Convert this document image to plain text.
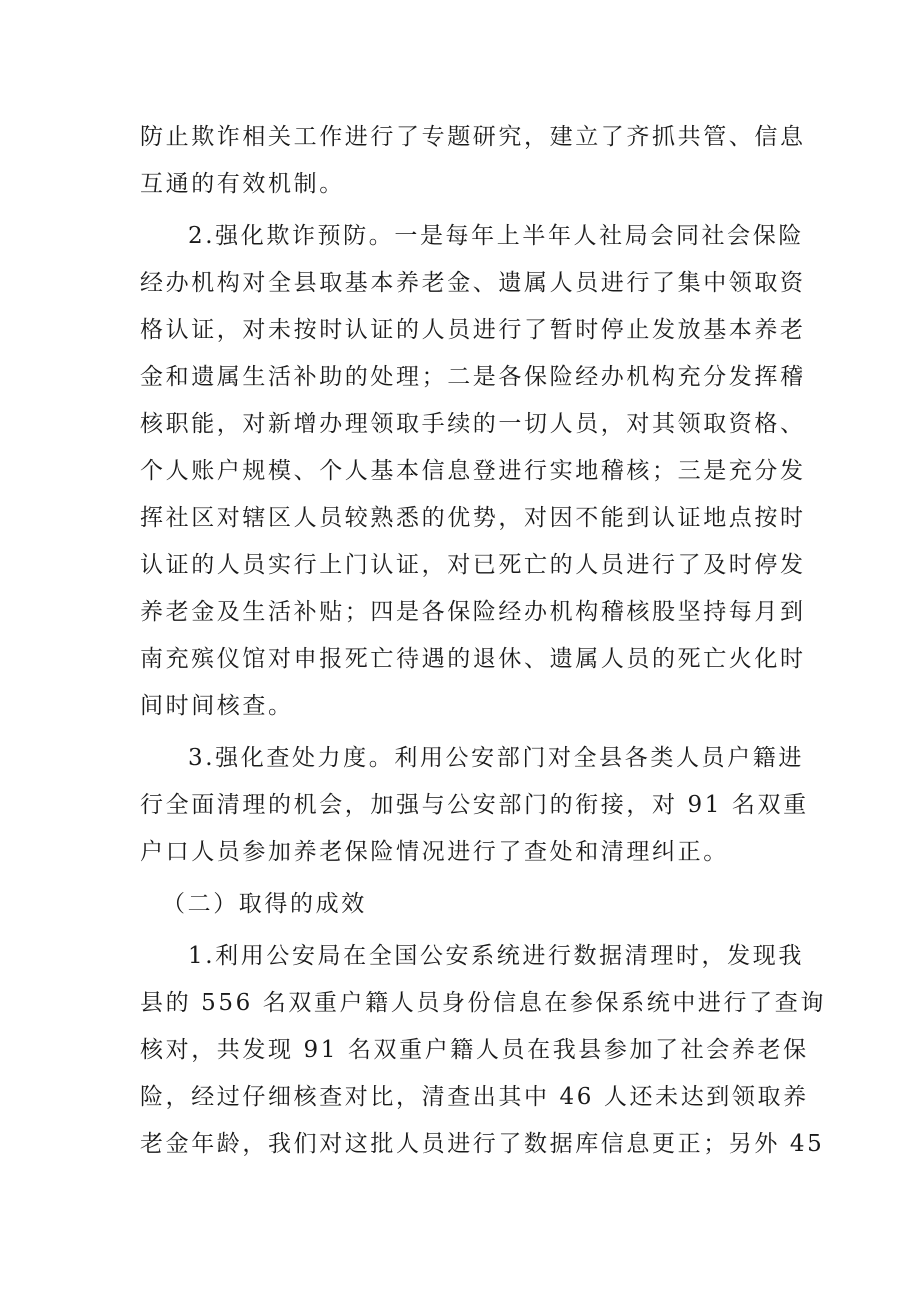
防止欺诈相关工作进行了专题研究，建立了齐抓共管、信息
互通的有效机制。
2.强化欺诈预防。一是每年上半年人社局会同社会保险
经办机构对全县取基本养老金、遗属人员进行了集中领取资
格认证，对未按时认证的人员进行了暂时停止发放基本养老
金和遗属生活补助的处理；二是各保险经办机构充分发挥稽
核职能，对新增办理领取手续的一切人员，对其领取资格、
个人账户规模、个人基本信息登进行实地稽核；三是充分发
挥社区对辖区人员较熟悉的优势，对因不能到认证地点按时
认证的人员实行上门认证，对已死亡的人员进行了及时停发
养老金及生活补贴；四是各保险经办机构稽核股坚持每月到
南充殡仪馆对申报死亡待遇的退休、遗属人员的死亡火化时
间时间核查。
3.强化查处力度。利用公安部门对全县各类人员户籍进
行全面清理的机会，加强与公安部门的衔接，对 91 名双重
户口人员参加养老保险情况进行了查处和清理纠正。
（二）取得的成效
1.利用公安局在全国公安系统进行数据清理时，发现我
县的 556 名双重户籍人员身份信息在参保系统中进行了查询
核对，共发现 91 名双重户籍人员在我县参加了社会养老保
险，经过仔细核查对比，清查出其中 46 人还未达到领取养
老金年龄，我们对这批人员进行了数据库信息更正；另外 45
